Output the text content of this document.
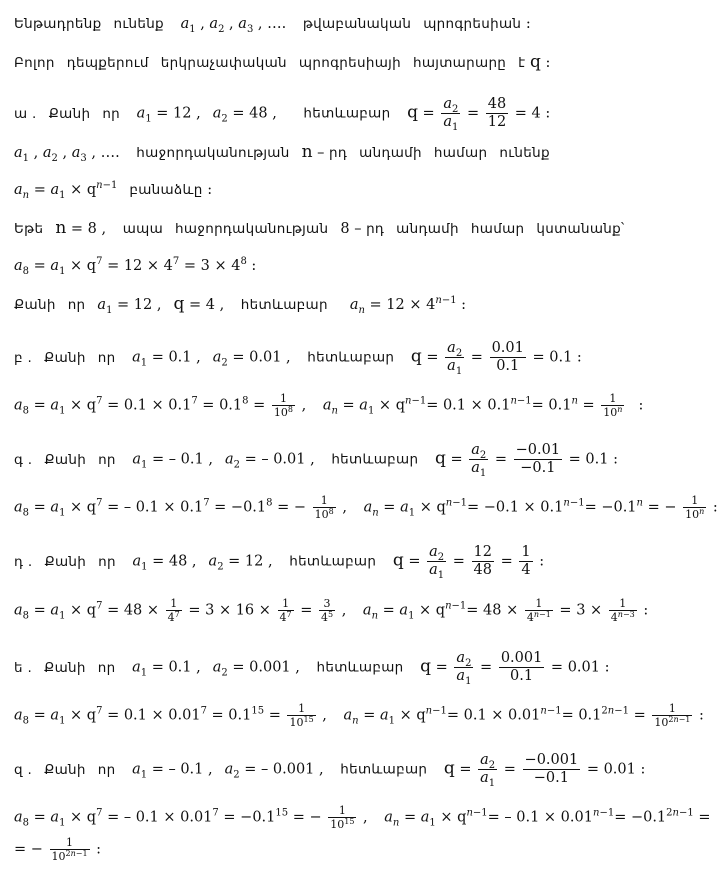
Ենթադրենք ունենք $a_1$ , $a_2$ , $a_3$ , …. թվաբանական պրոգրեսիան :
Բոլոր դեպքերում երկրաչափական պրոգրեսիայի հայտարարը է q :
ա . Քանի որ $a_1 = 12$ , $a_2 = 48$ , հետևաբար $q = \frac{a_2}{a_1} = \frac{48}{12} = 4$ :
$a_1$ , $a_2$ , $a_3$ , …. հաջորդականության n – րդ անդամի համար ունենք
$a_n = a_1 \times q^{n-1}$ բանաձևը :
Եթե n = 8 , ապա հաջորդականության 8 – րդ անդամի համար կստանանք՝
$a_8 = a_1 \times q^7 = 12 \times 4^7 = 3 \times 4^8$ :
Քանի որ $a_1 = 12$ , q = 4 , հետևաբար $a_n = 12 \times 4^{n-1}$ :
բ . Քանի որ $a_1 = 0.1$ , $a_2 = 0.01$ , հետևաբար $q = \frac{a_2}{a_1} = \frac{0.01}{0.1} = 0.1$ :
$a_8 = a_1 \times q^7 = 0.1 \times 0.1^7 = 0.1^8 = \frac{1}{10^8}$ , $a_n = a_1 \times q^{n-1}= 0.1 \times 0.1^{n-1}= 0.1^n = \frac{1}{10^n}$ :
գ . Քանի որ $a_1$ = – 0.1 , $a_2$ = – 0.01 , հետևաբար $q = \frac{a_2}{a_1} = \frac{-0.01}{-0.1} = 0.1$ :
$a_8 = a_1 \times q^7$ = – $0.1 \times 0.1^7 = -0.1^8$ = − $\frac{1}{10^8}$ , $a_n = a_1 \times q^{n-1}= -0.1 \times 0.1^{n-1}= -0.1^n$ = − $\frac{1}{10^n}$ :
դ . Քանի որ $a_1 = 48$ , $a_2 = 12$ , հետևաբար $q = \frac{a_2}{a_1} = \frac{12}{48} = \frac{1}{4}$ :
$a_8 = a_1 \times q^7 = 48 \times \frac{1}{4^7} = 3 \times 16 \times \frac{1}{4^7} = \frac{3}{4^5}$ , $a_n = a_1 \times q^{n-1}= 48 \times \frac{1}{4^{n-1}} = 3 \times \frac{1}{4^{n-3}}$ :
ե . Քանի որ $a_1 = 0.1$ , $a_2 = 0.001$ , հետևաբար $q = \frac{a_2}{a_1} = \frac{0.001}{0.1} = 0.01$ :
$a_8 = a_1 \times q^7 = 0.1 \times 0.01^7 = 0.1^{15} = \frac{1}{10^{15}}$ , $a_n = a_1 \times q^{n-1}= 0.1 \times 0.01^{n-1}= 0.1^{2n-1} = \frac{1}{10^{2n-1}}$ :
զ . Քանի որ $a_1$ = – 0.1 , $a_2$ = – 0.001 , հետևաբար $q = \frac{a_2}{a_1} = \frac{-0.001}{-0.1} = 0.01$ :
$a_8 = a_1 \times q^7$ = – $0.1 \times 0.01^7 = -0.1^{15}$ = − $\frac{1}{10^{15}}$ , $a_n = a_1 \times q^{n-1}= - 0.1 \times 0.01^{n-1}= -0.1^{2n-1}$ =
= − $\frac{1}{10^{2n-1}}$ :
